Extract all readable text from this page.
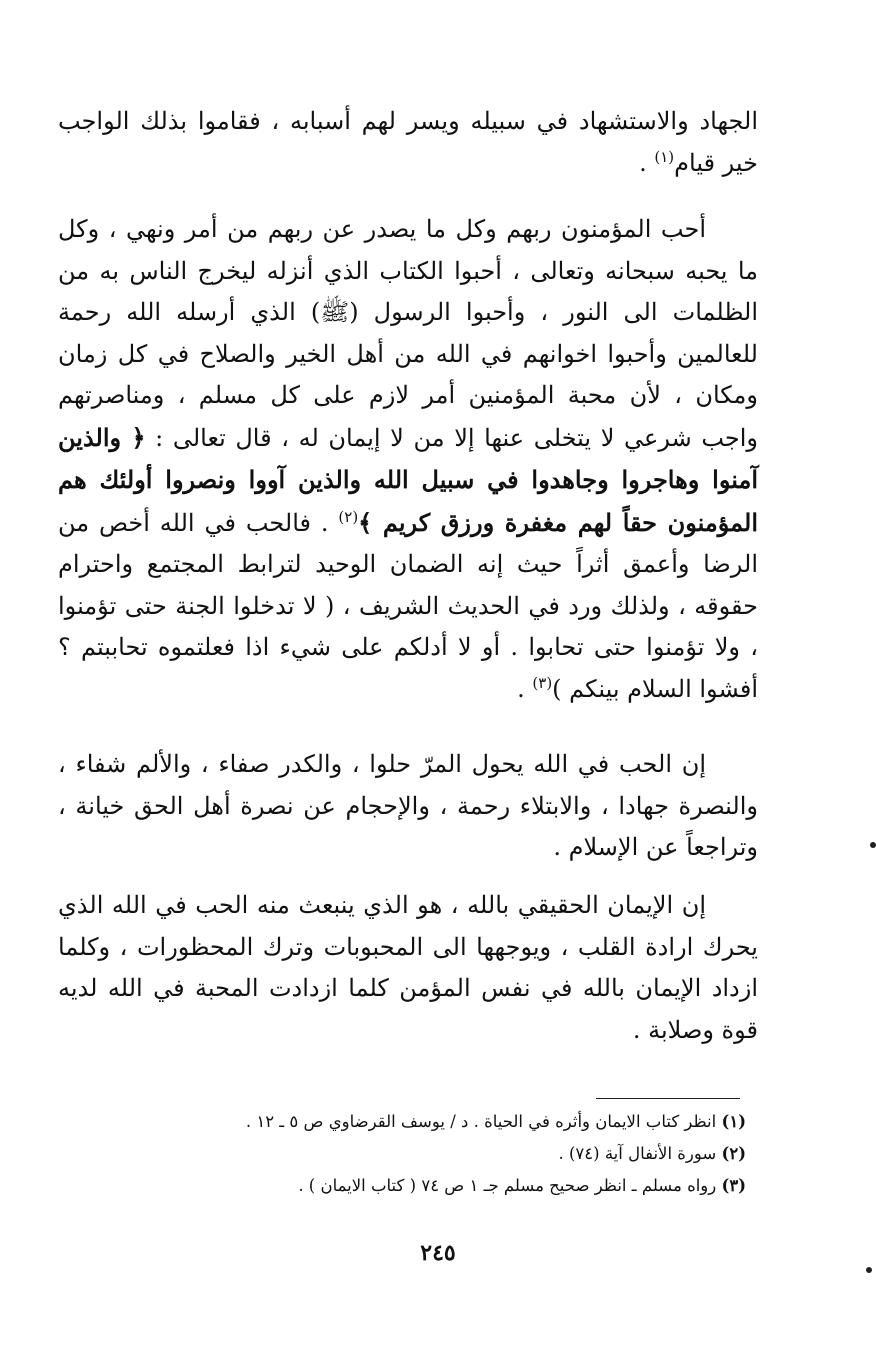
الجهاد والاستشهاد في سبيله ويسر لهم أسبابه ، فقاموا بذلك الواجب خير قيام$^{(١)}$ .

أحب المؤمنون ربهم وكل ما يصدر عن ربهم من أمر ونهي ، وكل ما يحبه سبحانه وتعالى ، أحبوا الكتاب الذي أنزله ليخرج الناس به من الظلمات الى النور ، وأحبوا الرسول (ﷺ) الذي أرسله الله رحمة للعالمين وأحبوا اخوانهم في الله من أهل الخير والصلاح في كل زمان ومكان ، لأن محبة المؤمنين أمر لازم على كل مسلم ، ومناصرتهم واجب شرعي لا يتخلى عنها إلا من لا إيمان له ، قال تعالى : ﴿ والذين آمنوا وهاجروا وجاهدوا في سبيل الله والذين آووا ونصروا أولئك هم المؤمنون حقاً لهم مغفرة ورزق كريم ﴾$^{(٢)}$ . فالحب في الله أخص من الرضا وأعمق أثراً حيث إنه الضمان الوحيد لترابط المجتمع واحترام حقوقه ، ولذلك ورد في الحديث الشريف ، ( لا تدخلوا الجنة حتى تؤمنوا ، ولا تؤمنوا حتى تحابوا . أو لا أدلكم على شيء اذا فعلتموه تحاببتم ؟ أفشوا السلام بينكم )$^{(٣)}$ .

إن الحب في الله يحول المرّ حلوا ، والكدر صفاء ، والألم شفاء ، والنصرة جهادا ، والابتلاء رحمة ، والإحجام عن نصرة أهل الحق خيانة ، وتراجعاً عن الإسلام .

إن الإيمان الحقيقي بالله ، هو الذي ينبعث منه الحب في الله الذي يحرك ارادة القلب ، ويوجهها الى المحبوبات وترك المحظورات ، وكلما ازداد الإيمان بالله في نفس المؤمن كلما ازدادت المحبة في الله لديه قوة وصلابة .

(١) انظر كتاب الايمان وأثره في الحياة . د / يوسف القرضاوي ص ٥ ـ ١٢ .
(٢) سورة الأنفال آية (٧٤) .
(٣) رواه مسلم ـ انظر صحيح مسلم جـ ١ ص ٧٤ ( كتاب الايمان ) .
٢٤٥
